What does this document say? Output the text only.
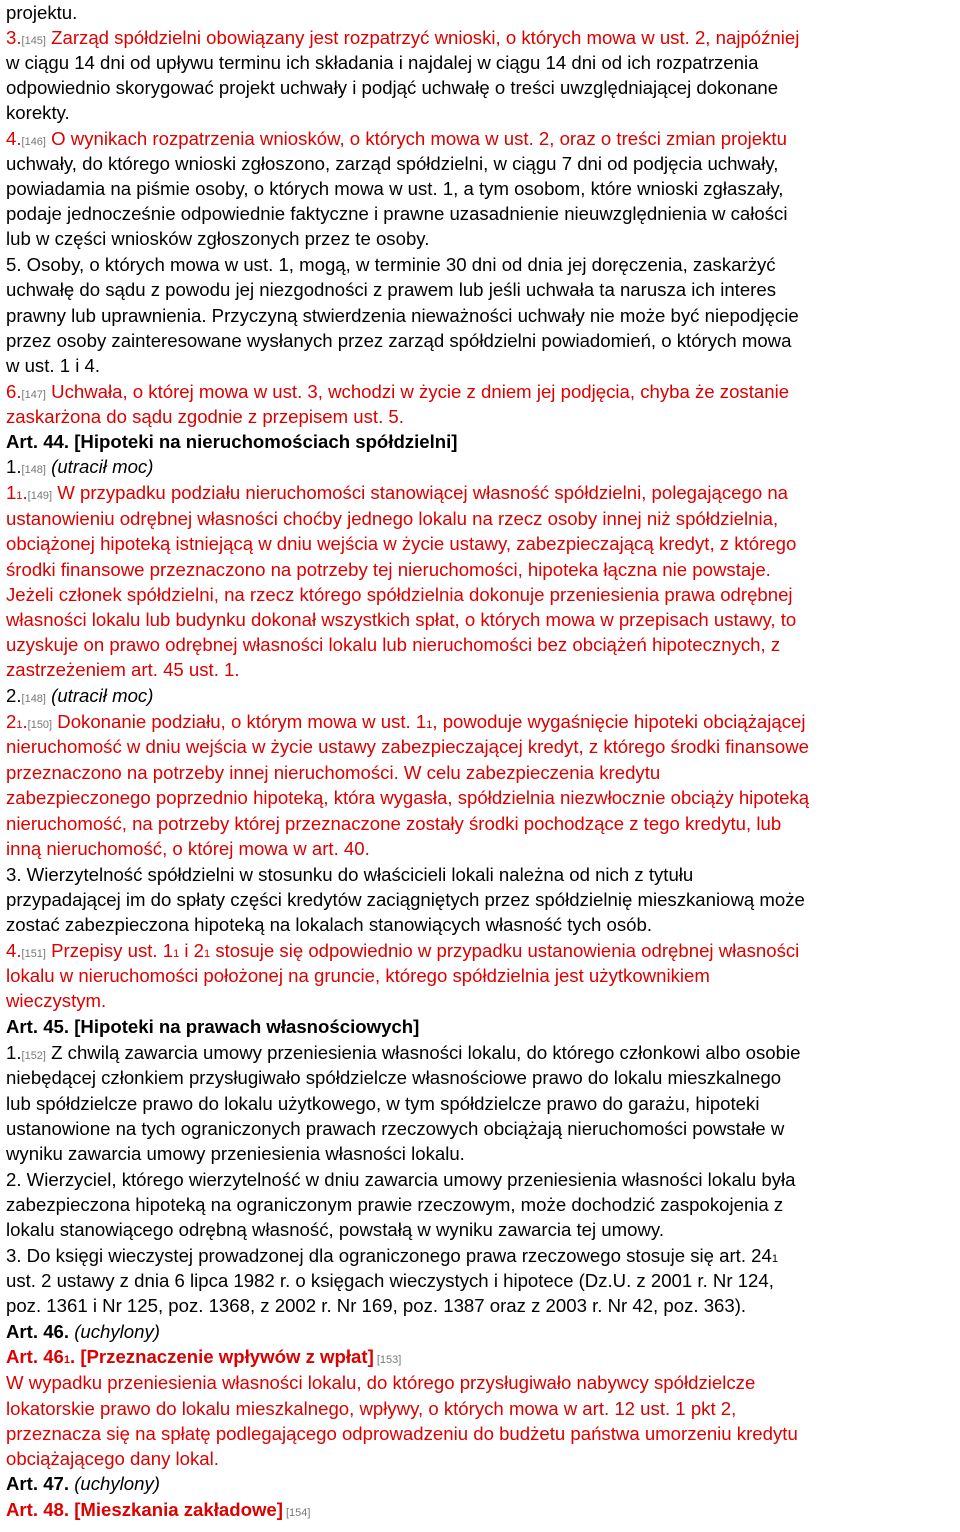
projektu.
3.[145] Zarząd spółdzielni obowiązany jest rozpatrzyć wnioski, o których mowa w ust. 2, najpóźniej
w ciągu 14 dni od upływu terminu ich składania i najdalej w ciągu 14 dni od ich rozpatrzenia
odpowiednio skorygować projekt uchwały i podjąć uchwałę o treści uwzględniającej dokonane
korekty.
4.[146] O wynikach rozpatrzenia wniosków, o których mowa w ust. 2, oraz o treści zmian projektu
uchwały, do którego wnioski zgłoszono, zarząd spółdzielni, w ciągu 7 dni od podjęcia uchwały,
powiadamia na piśmie osoby, o których mowa w ust. 1, a tym osobom, które wnioski zgłaszały,
podaje jednocześnie odpowiednie faktyczne i prawne uzasadnienie nieuwzględnienia w całości
lub w części wniosków zgłoszonych przez te osoby.
5. Osoby, o których mowa w ust. 1, mogą, w terminie 30 dni od dnia jej doręczenia, zaskarżyć
uchwałę do sądu z powodu jej niezgodności z prawem lub jeśli uchwała ta narusza ich interes
prawny lub uprawnienia. Przyczyną stwierdzenia nieważności uchwały nie może być niepodjęcie
przez osoby zainteresowane wysłanych przez zarząd spółdzielni powiadomień, o których mowa
w ust. 1 i 4.
6.[147] Uchwała, o której mowa w ust. 3, wchodzi w życie z dniem jej podjęcia, chyba że zostanie
zaskarżona do sądu zgodnie z przepisem ust. 5.
Art. 44. [Hipoteki na nieruchomościach spółdzielni]
1.[148] (utracił moc)
11.[149] W przypadku podziału nieruchomości stanowiącej własność spółdzielni, polegającego na
ustanowieniu odrębnej własności choćby jednego lokalu na rzecz osoby innej niż spółdzielnia,
obciążonej hipoteką istniejącą w dniu wejścia w życie ustawy, zabezpieczającą kredyt, z którego
środki finansowe przeznaczono na potrzeby tej nieruchomości, hipoteka łączna nie powstaje.
Jeżeli członek spółdzielni, na rzecz którego spółdzielnia dokonuje przeniesienia prawa odrębnej
własności lokalu lub budynku dokonał wszystkich spłat, o których mowa w przepisach ustawy, to
uzyskuje on prawo odrębnej własności lokalu lub nieruchomości bez obciążeń hipotecznych, z
zastrzeżeniem art. 45 ust. 1.
2.[148] (utracił moc)
21.[150] Dokonanie podziału, o którym mowa w ust. 11, powoduje wygaśnięcie hipoteki obciążającej
nieruchomość w dniu wejścia w życie ustawy zabezpieczającej kredyt, z którego środki finansowe
przeznaczono na potrzeby innej nieruchomości. W celu zabezpieczenia kredytu
zabezpieczonego poprzednio hipoteką, która wygasła, spółdzielnia niezwłocznie obciąży hipoteką
nieruchomość, na potrzeby której przeznaczone zostały środki pochodzące z tego kredytu, lub
inną nieruchomość, o której mowa w art. 40.
3. Wierzytelność spółdzielni w stosunku do właścicieli lokali należna od nich z tytułu
przypadającej im do spłaty części kredytów zaciągniętych przez spółdzielnię mieszkaniową może
zostać zabezpieczona hipoteką na lokalach stanowiących własność tych osób.
4.[151] Przepisy ust. 11 i 21 stosuje się odpowiednio w przypadku ustanowienia odrębnej własności
lokalu w nieruchomości położonej na gruncie, którego spółdzielnia jest użytkownikiem
wieczystym.
Art. 45. [Hipoteki na prawach własnościowych]
1.[152] Z chwilą zawarcia umowy przeniesienia własności lokalu, do którego członkowi albo osobie
niebędącej członkiem przysługiwało spółdzielcze własnościowe prawo do lokalu mieszkalnego
lub spółdzielcze prawo do lokalu użytkowego, w tym spółdzielcze prawo do garażu, hipoteki
ustanowione na tych ograniczonych prawach rzeczowych obciążają nieruchomości powstałe w
wyniku zawarcia umowy przeniesienia własności lokalu.
2. Wierzyciel, którego wierzytelność w dniu zawarcia umowy przeniesienia własności lokalu była
zabezpieczona hipoteką na ograniczonym prawie rzeczowym, może dochodzić zaspokojenia z
lokalu stanowiącego odrębną własność, powstałą w wyniku zawarcia tej umowy.
3. Do księgi wieczystej prowadzonej dla ograniczonego prawa rzeczowego stosuje się art. 241
ust. 2 ustawy z dnia 6 lipca 1982 r. o księgach wieczystych i hipotece (Dz.U. z 2001 r. Nr 124,
poz. 1361 i Nr 125, poz. 1368, z 2002 r. Nr 169, poz. 1387 oraz z 2003 r. Nr 42, poz. 363).
Art. 46. (uchylony)
Art. 461. [Przeznaczenie wpływów z wpłat] [153]
W wypadku przeniesienia własności lokalu, do którego przysługiwało nabywcy spółdzielcze
lokatorskie prawo do lokalu mieszkalnego, wpływy, o których mowa w art. 12 ust. 1 pkt 2,
przeznacza się na spłatę podlegającego odprowadzeniu do budżetu państwa umorzeniu kredytu
obciążającego dany lokal.
Art. 47. (uchylony)
Art. 48. [Mieszkania zakładowe] [154]
